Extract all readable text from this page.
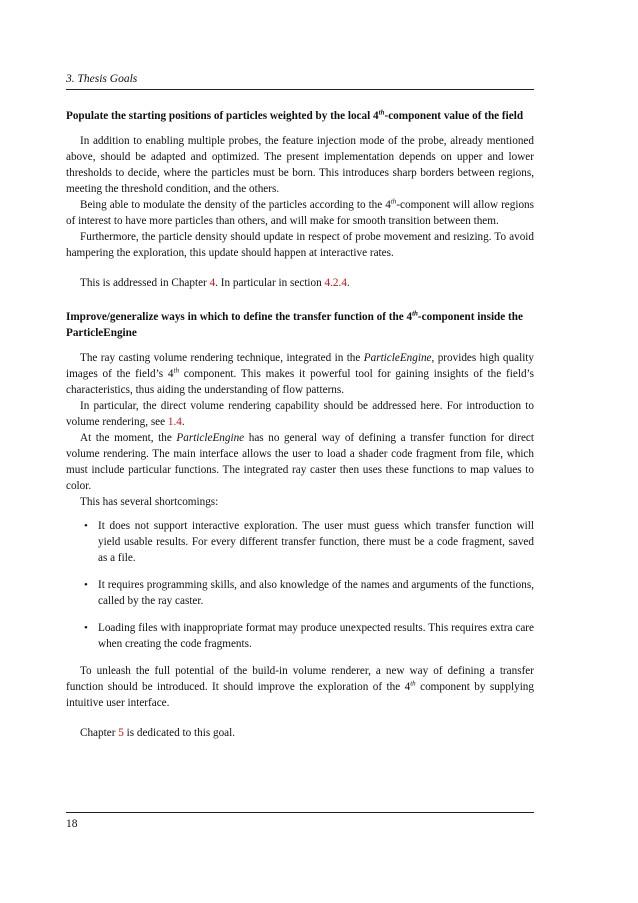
3. Thesis Goals

Populate the starting positions of particles weighted by the local 4th-component value of the field

In addition to enabling multiple probes, the feature injection mode of the probe, already mentioned above, should be adapted and optimized. The present implementation depends on upper and lower thresholds to decide, where the particles must be born. This introduces sharp borders between regions, meeting the threshold condition, and the others.

Being able to modulate the density of the particles according to the 4th-component will allow regions of interest to have more particles than others, and will make for smooth transition between them.

Furthermore, the particle density should update in respect of probe movement and resizing. To avoid hampering the exploration, this update should happen at interactive rates.

This is addressed in Chapter 4. In particular in section 4.2.4.

Improve/generalize ways in which to define the transfer function of the 4th-component inside the ParticleEngine

The ray casting volume rendering technique, integrated in the ParticleEngine, provides high quality images of the field’s 4th component. This makes it powerful tool for gaining insights of the field’s characteristics, thus aiding the understanding of flow patterns.

In particular, the direct volume rendering capability should be addressed here. For introduction to volume rendering, see 1.4.

At the moment, the ParticleEngine has no general way of defining a transfer function for direct volume rendering. The main interface allows the user to load a shader code fragment from file, which must include particular functions. The integrated ray caster then uses these functions to map values to color.

This has several shortcomings:

• It does not support interactive exploration. The user must guess which transfer function will yield usable results. For every different transfer function, there must be a code fragment, saved as a file.
• It requires programming skills, and also knowledge of the names and arguments of the functions, called by the ray caster.
• Loading files with inappropriate format may produce unexpected results. This requires extra care when creating the code fragments.

To unleash the full potential of the build-in volume renderer, a new way of defining a transfer function should be introduced. It should improve the exploration of the 4th component by supplying intuitive user interface.

Chapter 5 is dedicated to this goal.

18
